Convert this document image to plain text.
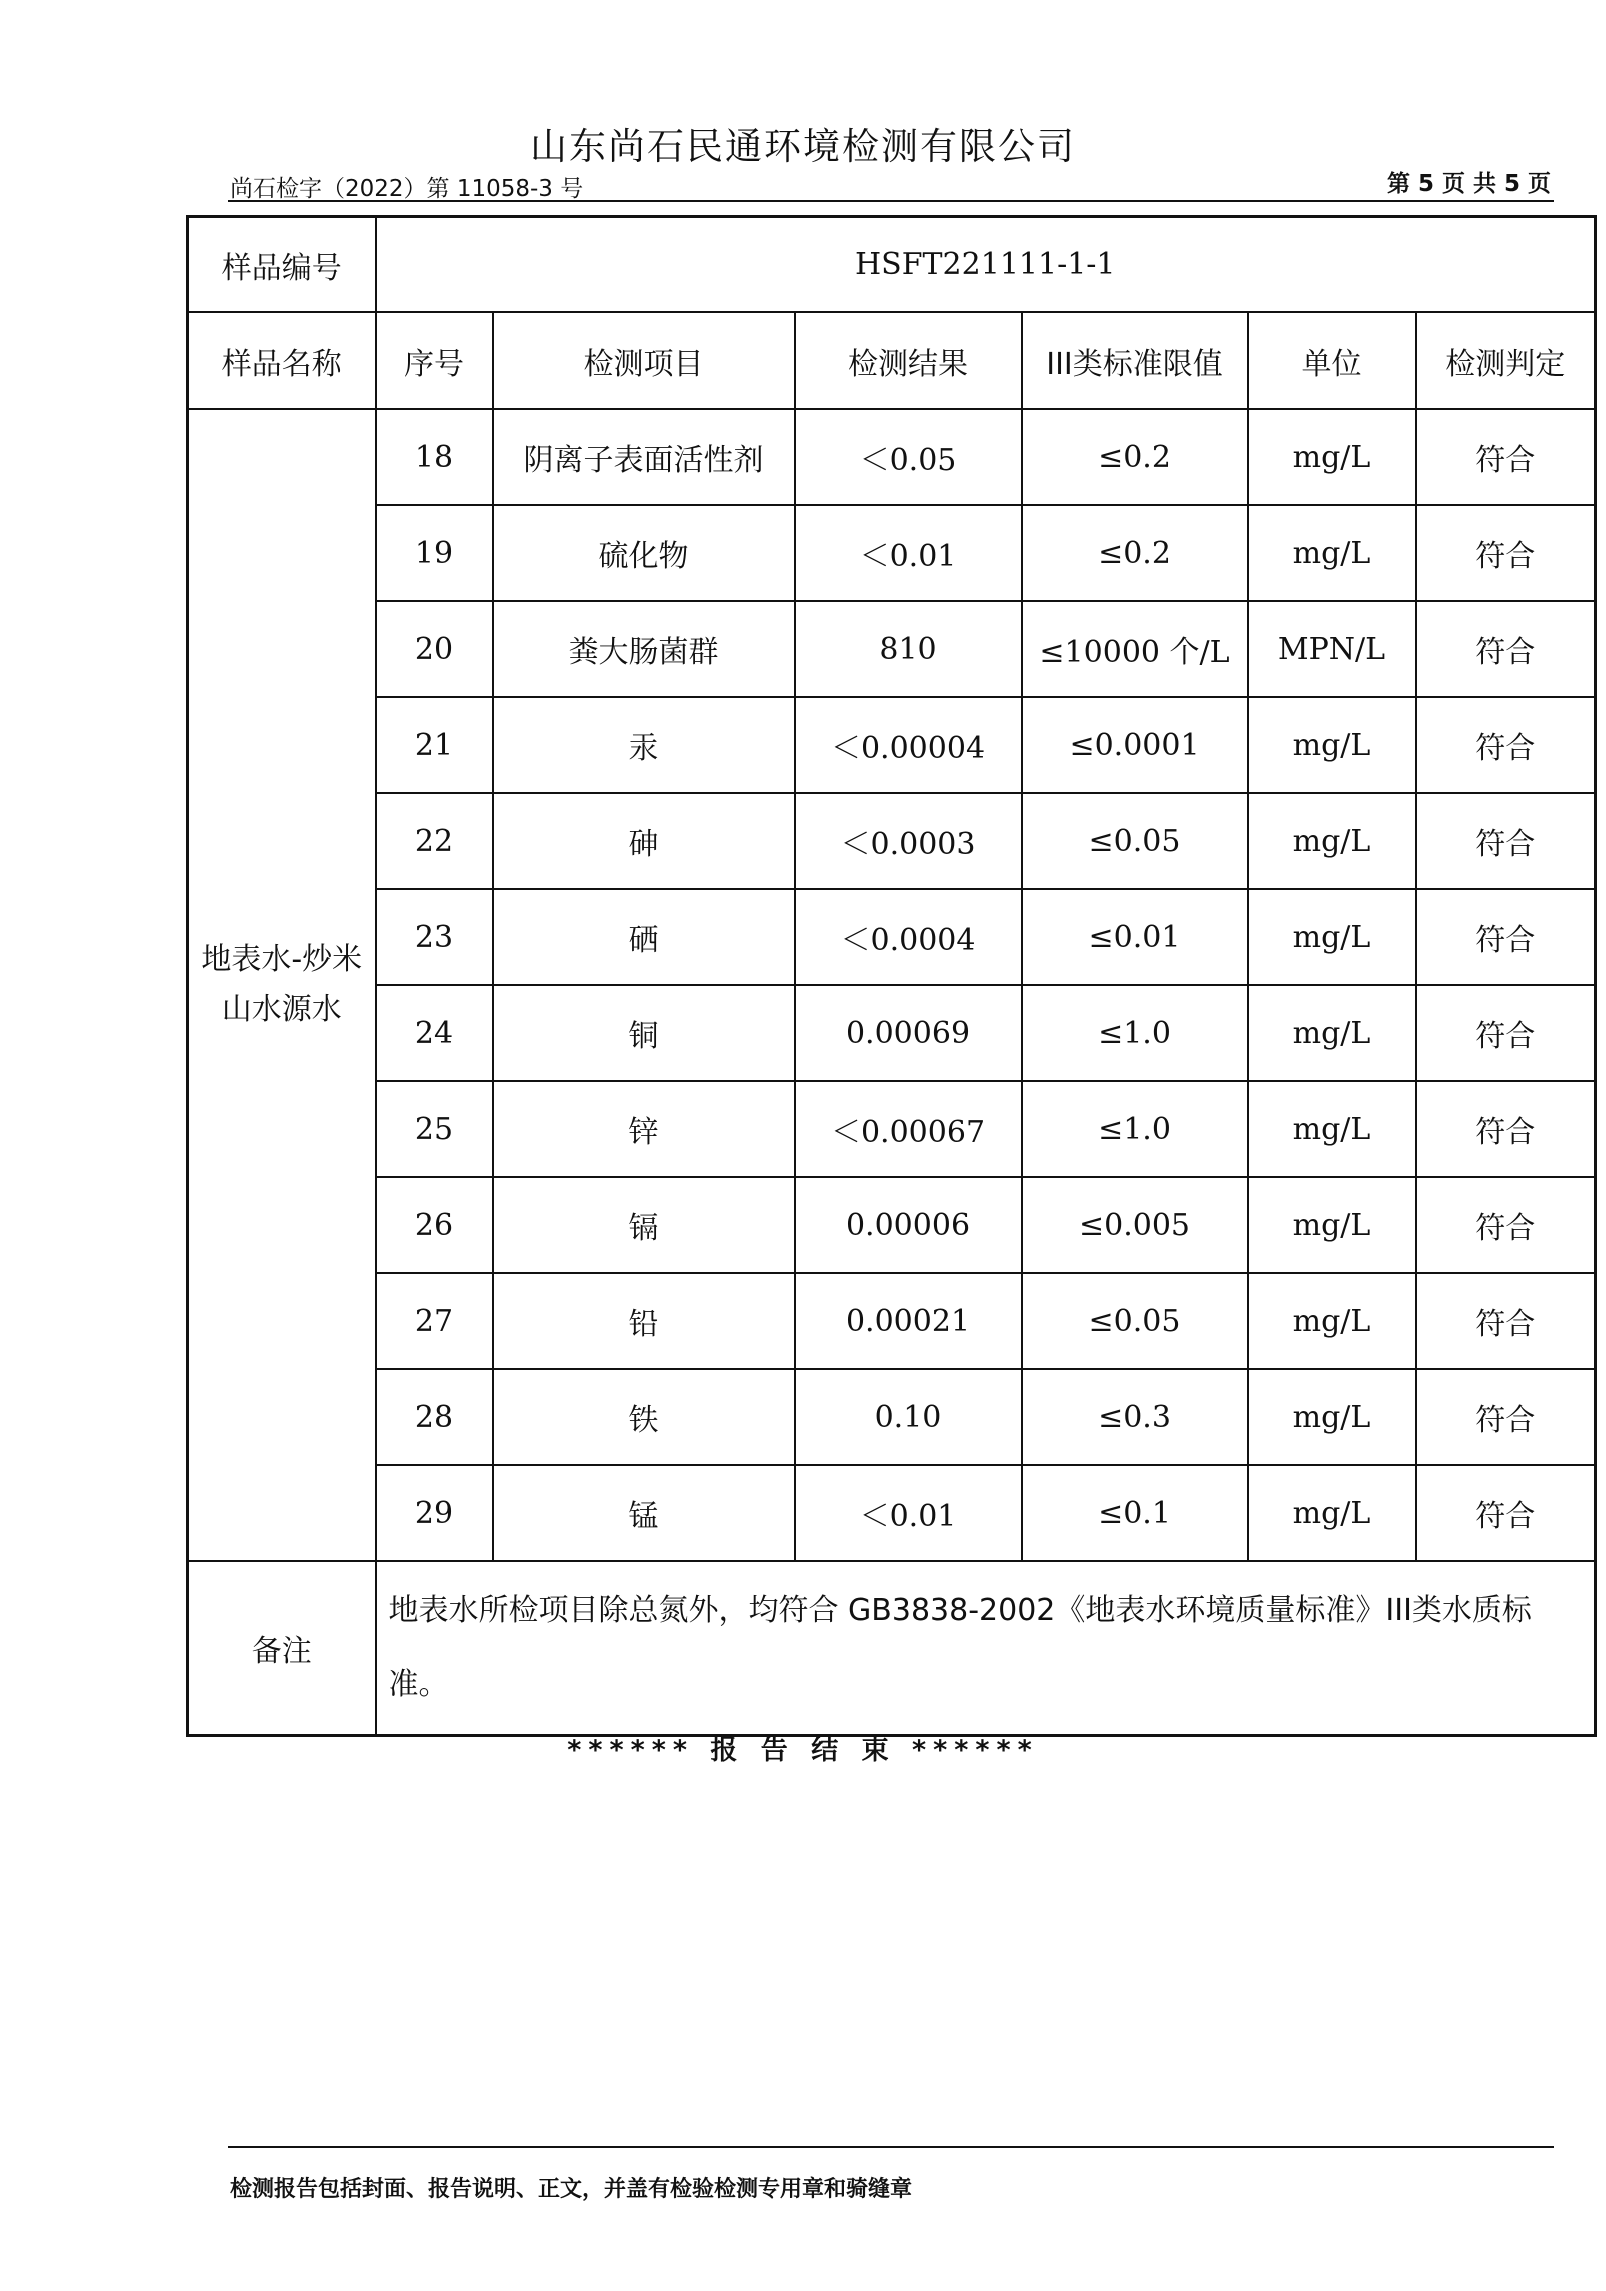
山东尚石民通环境检测有限公司
尚石检字（2022）第 11058-3 号	第 5 页 共 5 页
样品编号	HSFT221111-1-1					
样品名称	序号	检测项目	检测结果	III类标准限值	单位	检测判定
地表水-炒米山水源水	18	阴离子表面活性剂	＜0.05	≤0.2	mg/L	符合
	19	硫化物	＜0.01	≤0.2	mg/L	符合
	20	粪大肠菌群	810	≤10000 个/L	MPN/L	符合
	21	汞	＜0.00004	≤0.0001	mg/L	符合
	22	砷	＜0.0003	≤0.05	mg/L	符合
	23	硒	＜0.0004	≤0.01	mg/L	符合
	24	铜	0.00069	≤1.0	mg/L	符合
	25	锌	＜0.00067	≤1.0	mg/L	符合
	26	镉	0.00006	≤0.005	mg/L	符合
	27	铅	0.00021	≤0.05	mg/L	符合
	28	铁	0.10	≤0.3	mg/L	符合
	29	锰	＜0.01	≤0.1	mg/L	符合
备注	地表水所检项目除总氮外，均符合 GB3838-2002《地表水环境质量标准》III类水质标准。					
****** 报 告 结 束 ******
检测报告包括封面、报告说明、正文，并盖有检验检测专用章和骑缝章
